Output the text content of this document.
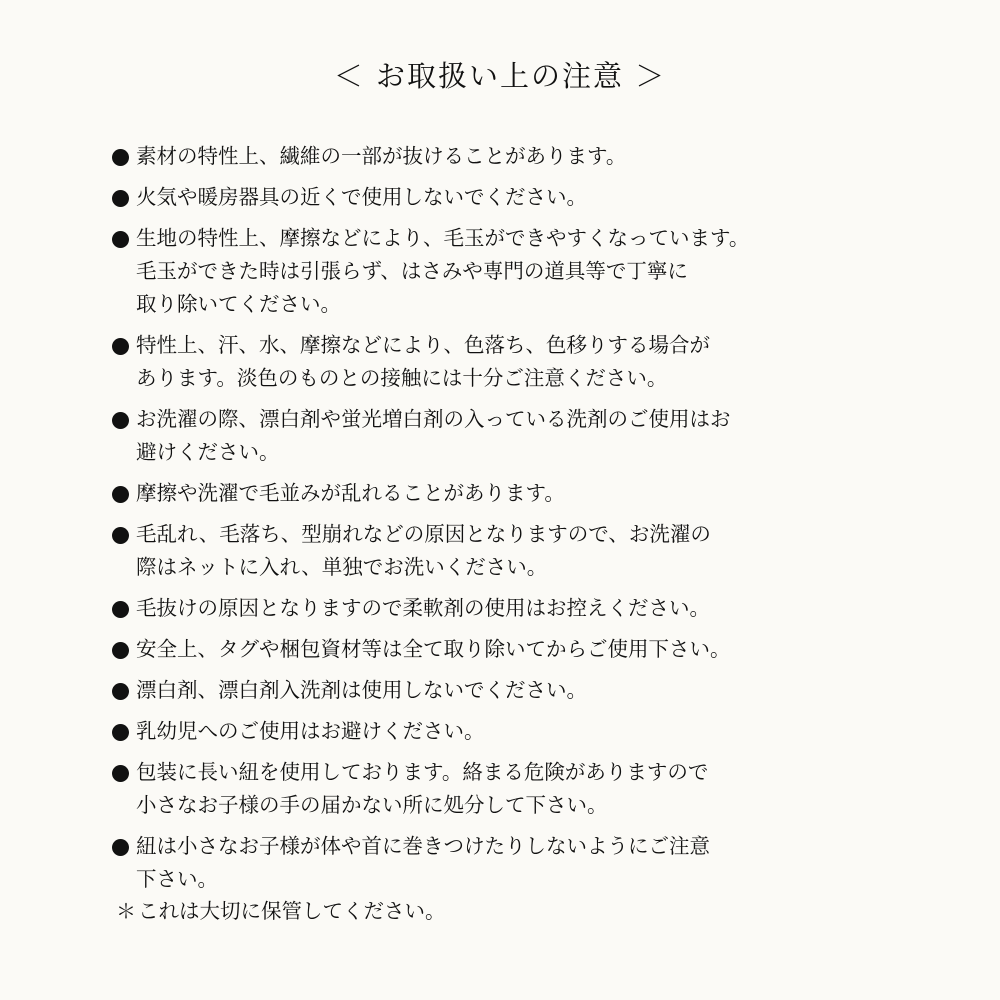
＜ お取扱い上の注意 ＞
素材の特性上、繊維の一部が抜けることがあります。
火気や暖房器具の近くで使用しないでください。
生地の特性上、摩擦などにより、毛玉ができやすくなっています。
毛玉ができた時は引張らず、はさみや専門の道具等で丁寧に
取り除いてください。
特性上、汗、水、摩擦などにより、色落ち、色移りする場合が
あります。淡色のものとの接触には十分ご注意ください。
お洗濯の際、漂白剤や蛍光増白剤の入っている洗剤のご使用はお
避けください。
摩擦や洗濯で毛並みが乱れることがあります。
毛乱れ、毛落ち、型崩れなどの原因となりますので、お洗濯の
際はネットに入れ、単独でお洗いください。
毛抜けの原因となりますので柔軟剤の使用はお控えください。
安全上、タグや梱包資材等は全て取り除いてからご使用下さい。
漂白剤、漂白剤入洗剤は使用しないでください。
乳幼児へのご使用はお避けください。
包装に長い紐を使用しております。絡まる危険がありますので
小さなお子様の手の届かない所に処分して下さい。
紐は小さなお子様が体や首に巻きつけたりしないようにご注意
下さい。
＊これは大切に保管してください。
